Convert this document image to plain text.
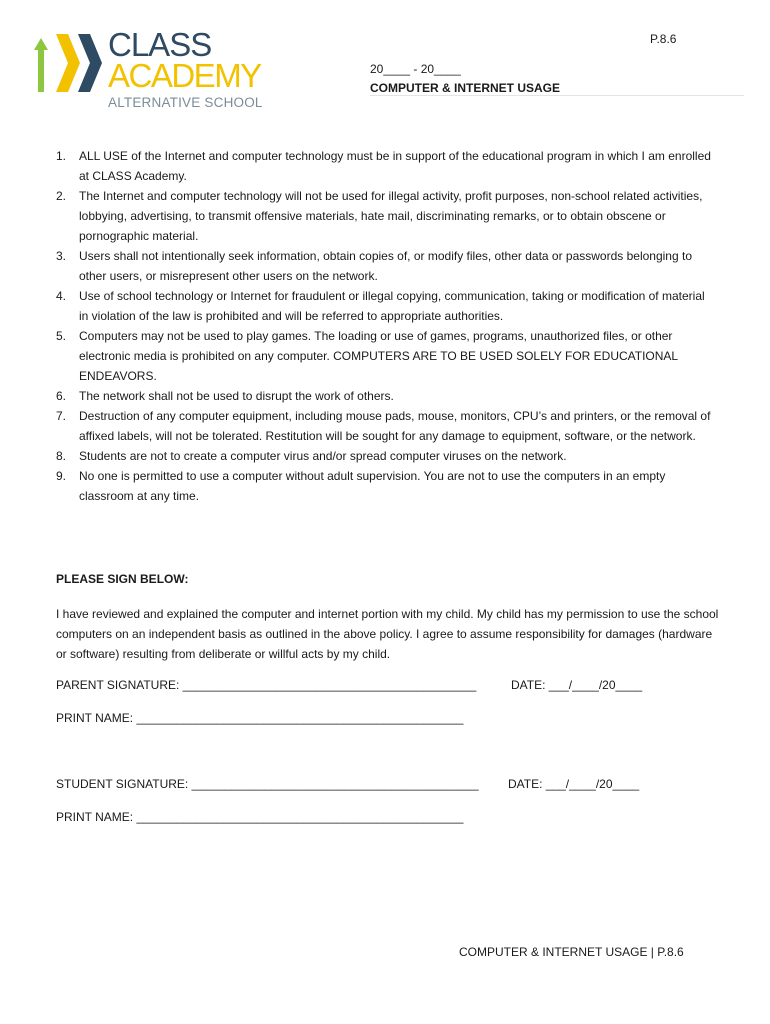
CLASS
ACADEMY
ALTERNATIVE SCHOOL
P.8.6
20____ - 20____
COMPUTER & INTERNET USAGE
1. ALL USE of the Internet and computer technology must be in support of the educational program in which I am enrolled at CLASS Academy.
2. The Internet and computer technology will not be used for illegal activity, profit purposes, non-school related activities, lobbying, advertising, to transmit offensive materials, hate mail, discriminating remarks, or to obtain obscene or pornographic material.
3. Users shall not intentionally seek information, obtain copies of, or modify files, other data or passwords belonging to other users, or misrepresent other users on the network.
4. Use of school technology or Internet for fraudulent or illegal copying, communication, taking or modification of material in violation of the law is prohibited and will be referred to appropriate authorities.
5. Computers may not be used to play games. The loading or use of games, programs, unauthorized files, or other electronic media is prohibited on any computer. COMPUTERS ARE TO BE USED SOLELY FOR EDUCATIONAL ENDEAVORS.
6. The network shall not be used to disrupt the work of others.
7. Destruction of any computer equipment, including mouse pads, mouse, monitors, CPU’s and printers, or the removal of affixed labels, will not be tolerated. Restitution will be sought for any damage to equipment, software, or the network.
8. Students are not to create a computer virus and/or spread computer viruses on the network.
9. No one is permitted to use a computer without adult supervision. You are not to use the computers in an empty classroom at any time.
PLEASE SIGN BELOW:

I have reviewed and explained the computer and internet portion with my child. My child has my permission to use the school computers on an independent basis as outlined in the above policy. I agree to assume responsibility for damages (hardware or software) resulting from deliberate or willful acts by my child.

PARENT SIGNATURE: ____________________________________________	DATE: ___/____/20____
PRINT NAME: _________________________________________________
STUDENT SIGNATURE: ___________________________________________ DATE: ___/____/20____
PRINT NAME: _________________________________________________
COMPUTER & INTERNET USAGE | P.8.6
